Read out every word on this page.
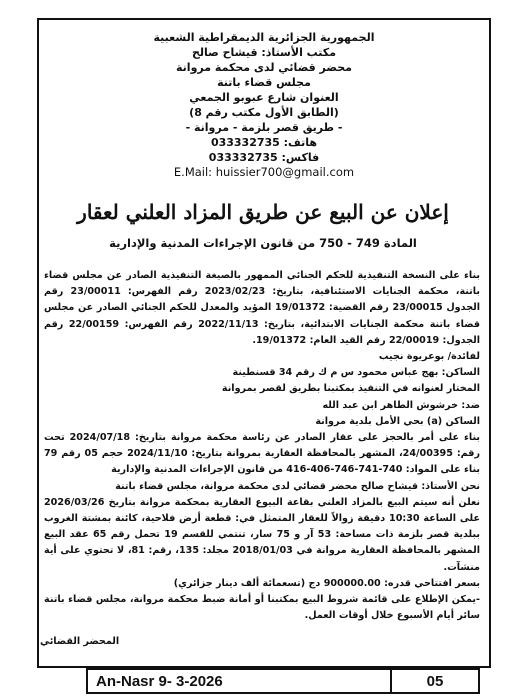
الجمهورية الجزائرية الديمقراطية الشعبية
مكتب الأستاذ: قيشاح صالح
محضر قضائي لدى محكمة مروانة
مجلس قضاء باتنة
العنوان شارع عبوبو الجمعي
(الطابق الأول مكتب رقم 8)
- طريق قصر بلزمة - مروانة -
هاتف: 033332735
فاكس: 033332735
E.Mail: huissier700@gmail.com
إعلان عن البيع عن طريق المزاد العلني لعقار
المادة 749 - 750 من قانون الإجراءات المدنية والإدارية

بناء على النسخة التنفيذية للحكم الجنائي الممهور بالصيغة التنفيذية الصادر عن مجلس قضاء باتنة، محكمة الجنايات الاستئنافية، بتاريخ: 2023/02/23 رقم الفهرس: 23/00011 رقم الجدول 23/00015 رقم القضية: 19/01372 المؤيد والمعدل للحكم الجنائي الصادر عن مجلس قضاء باتنة محكمة الجنايات الابتدائية، بتاريخ: 2022/11/13 رقم الفهرس: 22/00159 رقم الجدول: 22/00019 رقم القيد العام: 19/01372.

لفائدة/ بوعريوة نجيب

الساكن: بهج عباس محمود س م ك رقم 34 قسنطينة

المختار لعنوانه في التنفيذ بمكتبنا بطريق لقصر بمروانة

ضد: خرشوش الطاهر ابن عبد الله

الساكن (a) بحي الأمل بلدية مروانة

بناء على أمر بالحجز على عقار الصادر عن رئاسة محكمة مروانة بتاريخ: 2024/07/18 تحت رقم: 24/00395، المشهر بالمحافظة العقارية بمروانة بتاريخ: 2024/11/10 حجم 05 رقم 79 بناء على المواد: 740-741-746-406-416 من قانون الإجراءات المدنية والإدارية

نحن الأستاذ: قيشاح صالح محضر قضائي لدى محكمة مروانة، مجلس قضاء باتنة

نعلن أنه سيتم البيع بالمزاد العلني بقاعة البيوع العقارية بمحكمة مروانة بتاريخ 2026/03/26 على الساعة 10:30 دقيقة زوالاً للعقار المتمثل في: قطعة أرض فلاحية، كائنة بمشتة الغروب ببلدية قصر بلزمة ذات مساحة: 53 آر و 75 سار، تنتمي للقسم 19 تحمل رقم 65 عقد البيع المشهر بالمحافظة العقارية مروانة في 2018/01/03 مجلد: 135، رقم: 81، لا تحتوي على أية منشآت.

بسعر افتتاحي قدره: 900000.00 دج (تسعمائة ألف دينار جزائري)

-يمكن الإطلاع على قائمة شروط البيع بمكتبنا أو أمانة ضبط محكمة مروانة، مجلس قضاء باتنة سائر أيام الأسبوع خلال أوقات العمل.

المحضر القضائي
An-Nasr 9- 3-2026	05
